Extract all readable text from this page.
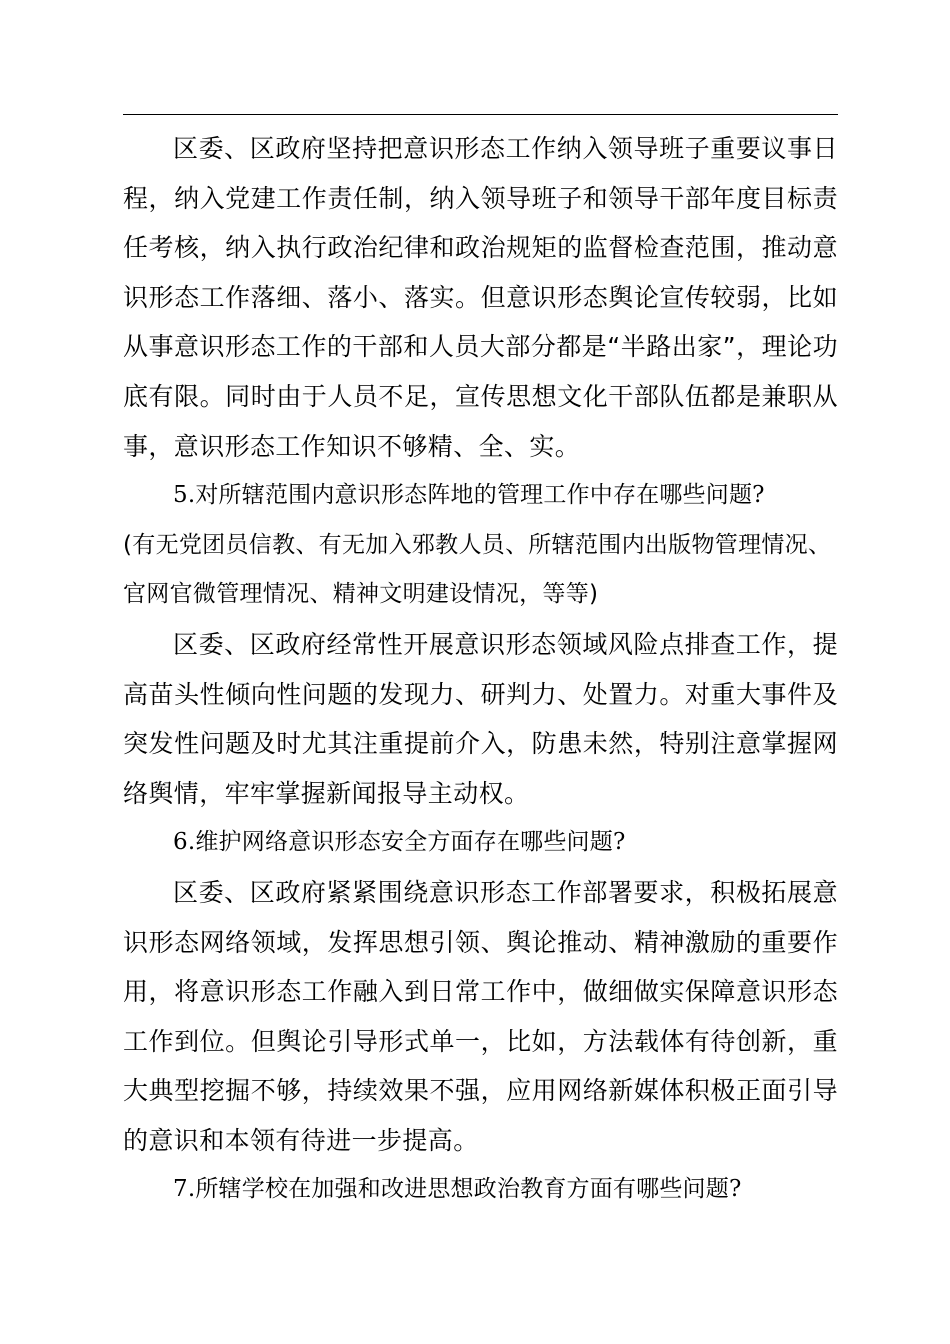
区委、区政府坚持把意识形态工作纳入领导班子重要议事日程，纳入党建工作责任制，纳入领导班子和领导干部年度目标责任考核，纳入执行政治纪律和政治规矩的监督检查范围，推动意识形态工作落细、落小、落实。但意识形态舆论宣传较弱，比如从事意识形态工作的干部和人员大部分都是“半路出家”，理论功底有限。同时由于人员不足，宣传思想文化干部队伍都是兼职从事，意识形态工作知识不够精、全、实。

5.对所辖范围内意识形态阵地的管理工作中存在哪些问题?

(有无党团员信教、有无加入邪教人员、所辖范围内出版物管理情况、官网官微管理情况、精神文明建设情况，等等)

区委、区政府经常性开展意识形态领域风险点排查工作，提高苗头性倾向性问题的发现力、研判力、处置力。对重大事件及突发性问题及时尤其注重提前介入，防患未然，特别注意掌握网络舆情，牢牢掌握新闻报导主动权。

6.维护网络意识形态安全方面存在哪些问题?

区委、区政府紧紧围绕意识形态工作部署要求，积极拓展意识形态网络领域，发挥思想引领、舆论推动、精神激励的重要作用，将意识形态工作融入到日常工作中，做细做实保障意识形态工作到位。但舆论引导形式单一，比如，方法载体有待创新，重大典型挖掘不够，持续效果不强，应用网络新媒体积极正面引导的意识和本领有待进一步提高。

7.所辖学校在加强和改进思想政治教育方面有哪些问题?
